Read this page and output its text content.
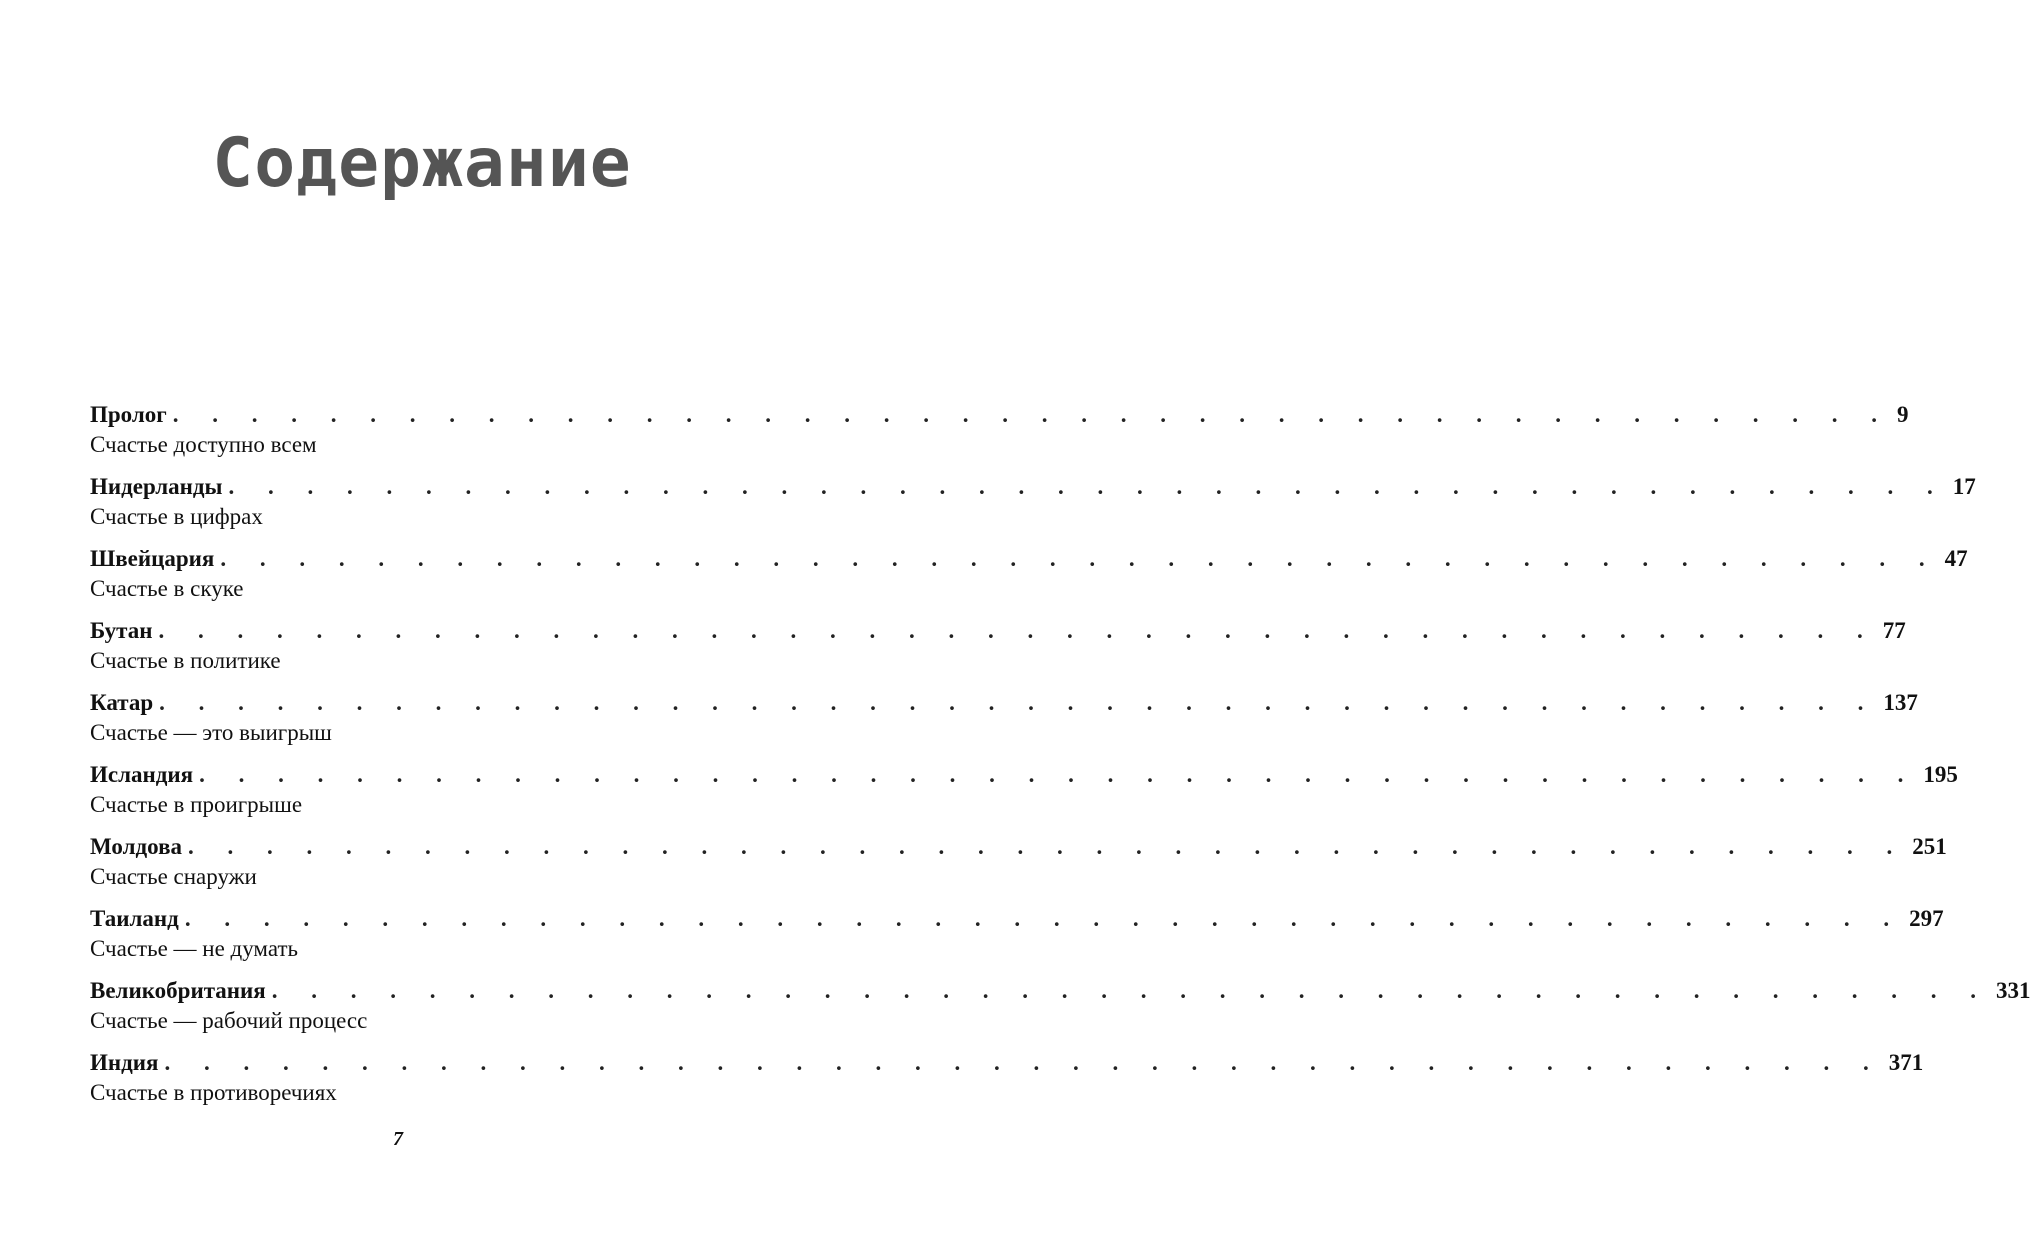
Содержание
Пролог . . . . . . . . . . . . . . . . . . . . . . . . . . . . . . . . . . . . . . . . . . . . 9
Счастье доступно всем
Нидерланды . . . . . . . . . . . . . . . . . . . . . . . . . . . . . . . . . . . . . . . . . . . . 17
Счастье в цифрах
Швейцария . . . . . . . . . . . . . . . . . . . . . . . . . . . . . . . . . . . . . . . . . . . . 47
Счастье в скуке
Бутан . . . . . . . . . . . . . . . . . . . . . . . . . . . . . . . . . . . . . . . . . . . . 77
Счастье в политике
Катар . . . . . . . . . . . . . . . . . . . . . . . . . . . . . . . . . . . . . . . . . . . . 137
Счастье — это выигрыш
Исландия . . . . . . . . . . . . . . . . . . . . . . . . . . . . . . . . . . . . . . . . . . . . 195
Счастье в проигрыше
Молдова . . . . . . . . . . . . . . . . . . . . . . . . . . . . . . . . . . . . . . . . . . . . 251
Счастье снаружи
Таиланд . . . . . . . . . . . . . . . . . . . . . . . . . . . . . . . . . . . . . . . . . . . . 297
Счастье — не думать
Великобритания . . . . . . . . . . . . . . . . . . . . . . . . . . . . . . . . . . . . . . . . . . . . 331
Счастье — рабочий процесс
Индия . . . . . . . . . . . . . . . . . . . . . . . . . . . . . . . . . . . . . . . . . . . . 371
Счастье в противоречиях
7
